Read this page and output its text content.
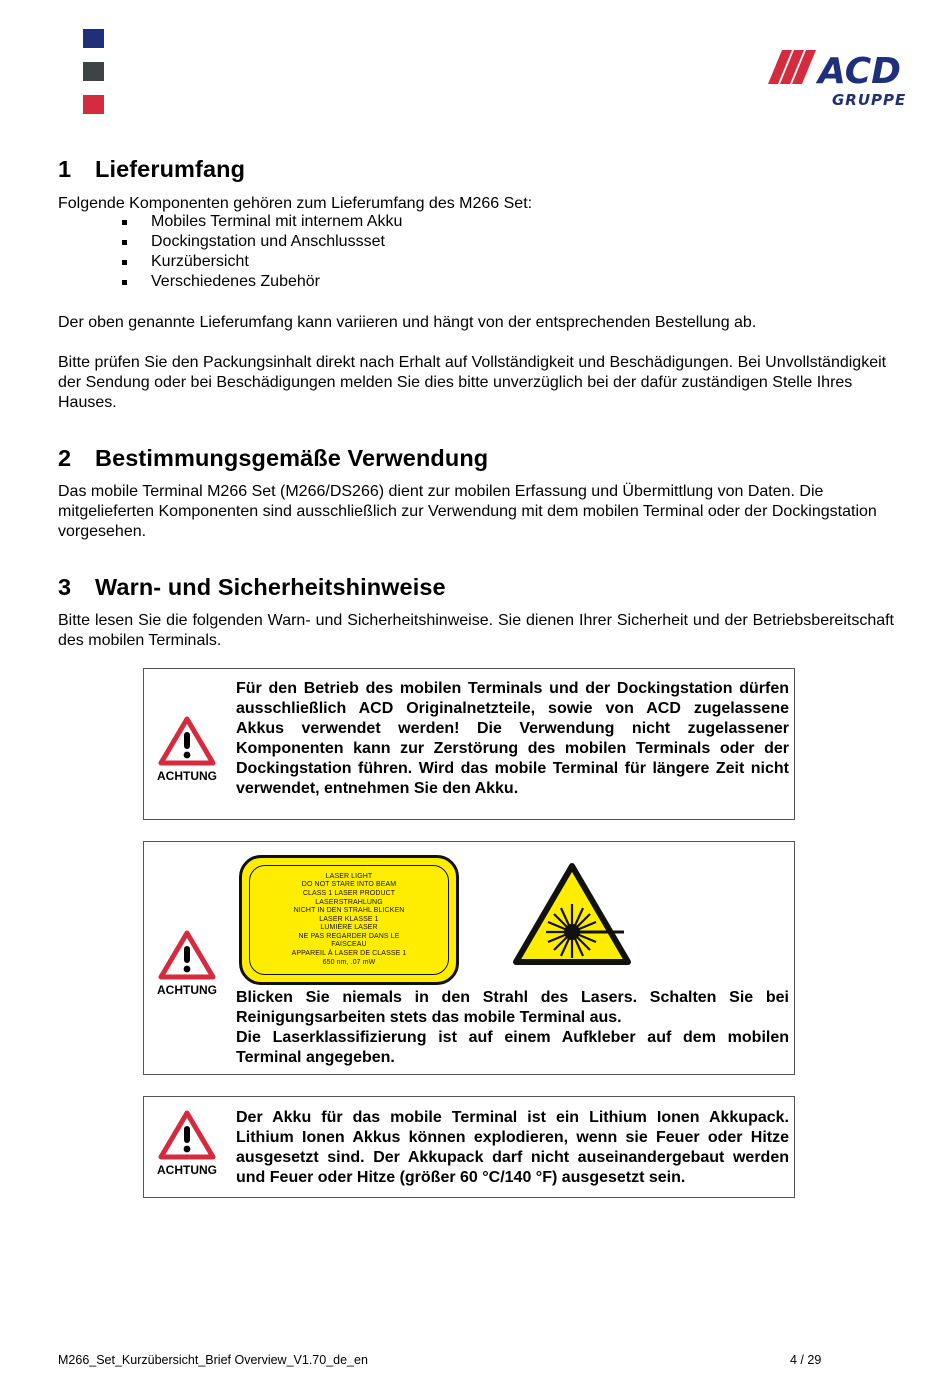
ACD
GRUPPE
1 Lieferumfang

Folgende Komponenten gehören zum Lieferumfang des M266 Set:

Mobiles Terminal mit internem Akku
Dockingstation und Anschlussset
Kurzübersicht
Verschiedenes Zubehör

Der oben genannte Lieferumfang kann variieren und hängt von der entsprechenden Bestellung ab.

Bitte prüfen Sie den Packungsinhalt direkt nach Erhalt auf Vollständigkeit und Beschädigungen. Bei Unvollständigkeit der Sendung oder bei Beschädigungen melden Sie dies bitte unverzüglich bei der dafür zuständigen Stelle Ihres Hauses.

2 Bestimmungsgemäße Verwendung

Das mobile Terminal M266 Set (M266/DS266) dient zur mobilen Erfassung und Übermittlung von Daten. Die mitgelieferten Komponenten sind ausschließlich zur Verwendung mit dem mobilen Terminal oder der Dockingstation vorgesehen.

3 Warn- und Sicherheitshinweise

Bitte lesen Sie die folgenden Warn- und Sicherheitshinweise. Sie dienen Ihrer Sicherheit und der Betriebsbereitschaft des mobilen Terminals.

ACHTUNG

Für den Betrieb des mobilen Terminals und der Dockingstation dürfen ausschließlich ACD Originalnetzteile, sowie von ACD zugelassene Akkus verwendet werden! Die Verwendung nicht zugelassener Komponenten kann zur Zerstörung des mobilen Terminals oder der Dockingstation führen. Wird das mobile Terminal für längere Zeit nicht verwendet, entnehmen Sie den Akku.

LASER LIGHT
DO NOT STARE INTO BEAM
CLASS 1 LASER PRODUCT
LASERSTRAHLUNG
NICHT IN DEN STRAHL BLICKEN
LASER KLASSE 1
LUMIÈRE LASER
NE PAS REGARDER DANS LE
FAISCEAU
APPAREIL À LASER DE CLASSE 1
650 nm, .07 mW
ACHTUNG Blicken Sie niemals in den Strahl des Lasers. Schalten Sie bei Reinigungsarbeiten stets das mobile Terminal aus.

Die Laserklassifizierung ist auf einem Aufkleber auf dem mobilen Terminal angegeben.

ACHTUNG

Der Akku für das mobile Terminal ist ein Lithium Ionen Akkupack. Lithium Ionen Akkus können explodieren, wenn sie Feuer oder Hitze ausgesetzt sind. Der Akkupack darf nicht auseinandergebaut werden und Feuer oder Hitze (größer 60 °C/140 °F) ausgesetzt sein.

M266_Set_Kurzübersicht_Brief Overview_V1.70_de_en	4 / 29
